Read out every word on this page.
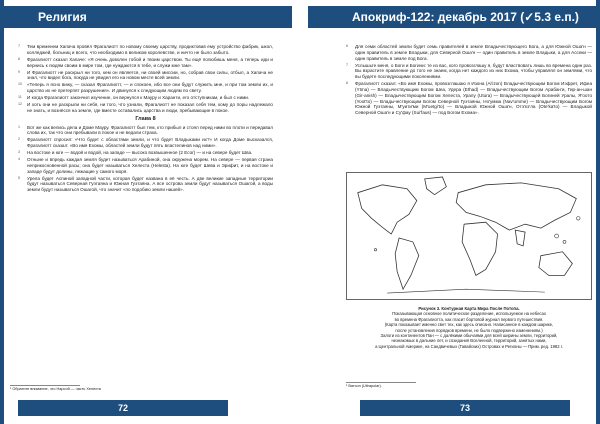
Религия
7 Тем временем Хапача провёл Фрагалиотт по новому своему царству, продиктовав ему устройство фабрик, школ, колледжей, больниц и всего, что необходимо в великом королевстве, и ничто не было забыто.
8 Фрагалиотт сказал Хапаче: «Я очень доволен тобой и твоим царством. Ты ещё полюбишь меня, а теперь иди и вернись к людям своим в мире том, где нуждаются в тебе, и служи мне там».
9 И Фрагалиотт не раскрыл ни того, кем он является, ни своей миссии, но, собрав свои силы, отбыл, а Хапача не знал, что видел бога, покуда не увидел его на новом месте всей земли.
10 «Теперь я ясно вижу, — сказал Фрагалиотт, — и спокоен, ибо все они будут служить мне, и при том земли их, и царство их не претерпят разрушения». И двинулся к следующим людям по свету.
11 И когда Фрагалиотт закончил изучение, он вернулся к Мауру и Харанти, его отступникам, и был с ними.
12 И хоть они не раскрыли ни себя, ни того, что узнали, Фрагалиотт не показал себя тем, кому до поры надлежало не знать, и вознёсся на земле, где вместе оставались царства и люди, пребывающие в покое.
Глава 8
1 Вот же как велись дела и Доме Мауру. Фрагалиотт был тем, кто прибыл и стоял перед ними во плоти и передавал слова их, так что они пребывали в покое и не ведали страха.
2 Фрагалиотт спросил: «Что будет с областями земли, и что будет Владыками их?» И когда Доме высказался, Фрагалиотт сказал: «Во имя Ехомы, областей земли будут пять властелинов над ними».
3 На востоке и юге — водой и водой, на западе — высоко возвышенное (2 Ecor) — и на севере будет Шва.
4 Отныне и впредь каждая земля будет называться Арабиной, она окружена морем. На севере — первая страна неприкосновенной расы; она будет называться Хелеста (Helesta). На юге будет Шева и Эрифит, и на востоке и западе будут долины, лежащие у самого моря.
5 Урела будет Аспиной западной части, которая будет названа в её честь. А две великие западные территории будут называться Северная Гуэтаяна и Южная Гуэтаяна. А все острова земли будут называться Ошагой, а воды земли будут называться Ошагой, что значит «по подобию земли нашей».
¹ Обратите внимание, что Нарсой — часть Хелеста
72
Апокриф-122: декабрь 2017 (✓5.3 е.п.)
6 Для семи областей земли будет семь правителей в земле Владычествующего Бога, а для Южной Оша'н — один правитель в земле Владыки, для Северной Оша'н — один правитель в земле Владыки, а для Ассеки — один правитель в земле под Бога.
7 Услышьте меня, о Боги и Богини: те из вас, кого провозглашу я, будут властвовать лишь во времена один раз. Вы взрастите правление до того не знаем, когда нет каждого из них Ехома, чтобы управлял он землями, что вы будете последующими поколениями.
8 Фрагалиотт сказал: «Во имя Ехомы, провозглашаю я Изона (Ai'izon) Владычествующим Богом Иэфрет, Ифеа (Ytma) — Владычествующим Богом Шеа, Удера (Ethad) — Владычествующим Богом Арабан'и, Гир-ан-шан (Gir-anish) — Владычествующим Богом Хелеста, Уралу (Utura) — Владычествующей Богиней Уралы, Я'оото (Yoot'to) — Владычествующим Богом Северной Гуэтаяны, Но'умма (Nav'umme) — Владычествующим Богом Южной Гуэтаяны, М'уити'ми (M'uetgi'to) — Владыкой Южной Оша'н, Отэ'кэ'ла (Ote'ka'to) — Владыкой Северной Оша'н и Су'фау (Sui'faus) — под Богом Ехома».
Рисунок 3. Контурная Карта Мира После Потопа.
Показывающая основное политическое разделение, используемое на небесах
во времена Фрагалиотта, как гласит бортовой журнал первого путешествия.
(Карта показывает именно свет тех, как здесь описано. Написанное в каждом шарике,
после установления порядков времени, не было подвержено изменениям.)
Залоги из континентов Пан — с далёкими обычаями для всей ширины земли, территорий,
незнакомых в дальние лет, и созидания Вселенной, территорий, занятых нами,
а Центральной Америке, на Сандвичевых (Гавайских) Островах и Регионы — Прим. ред. 1982 г.
¹ Ватсон (Ultrapolar).
73
